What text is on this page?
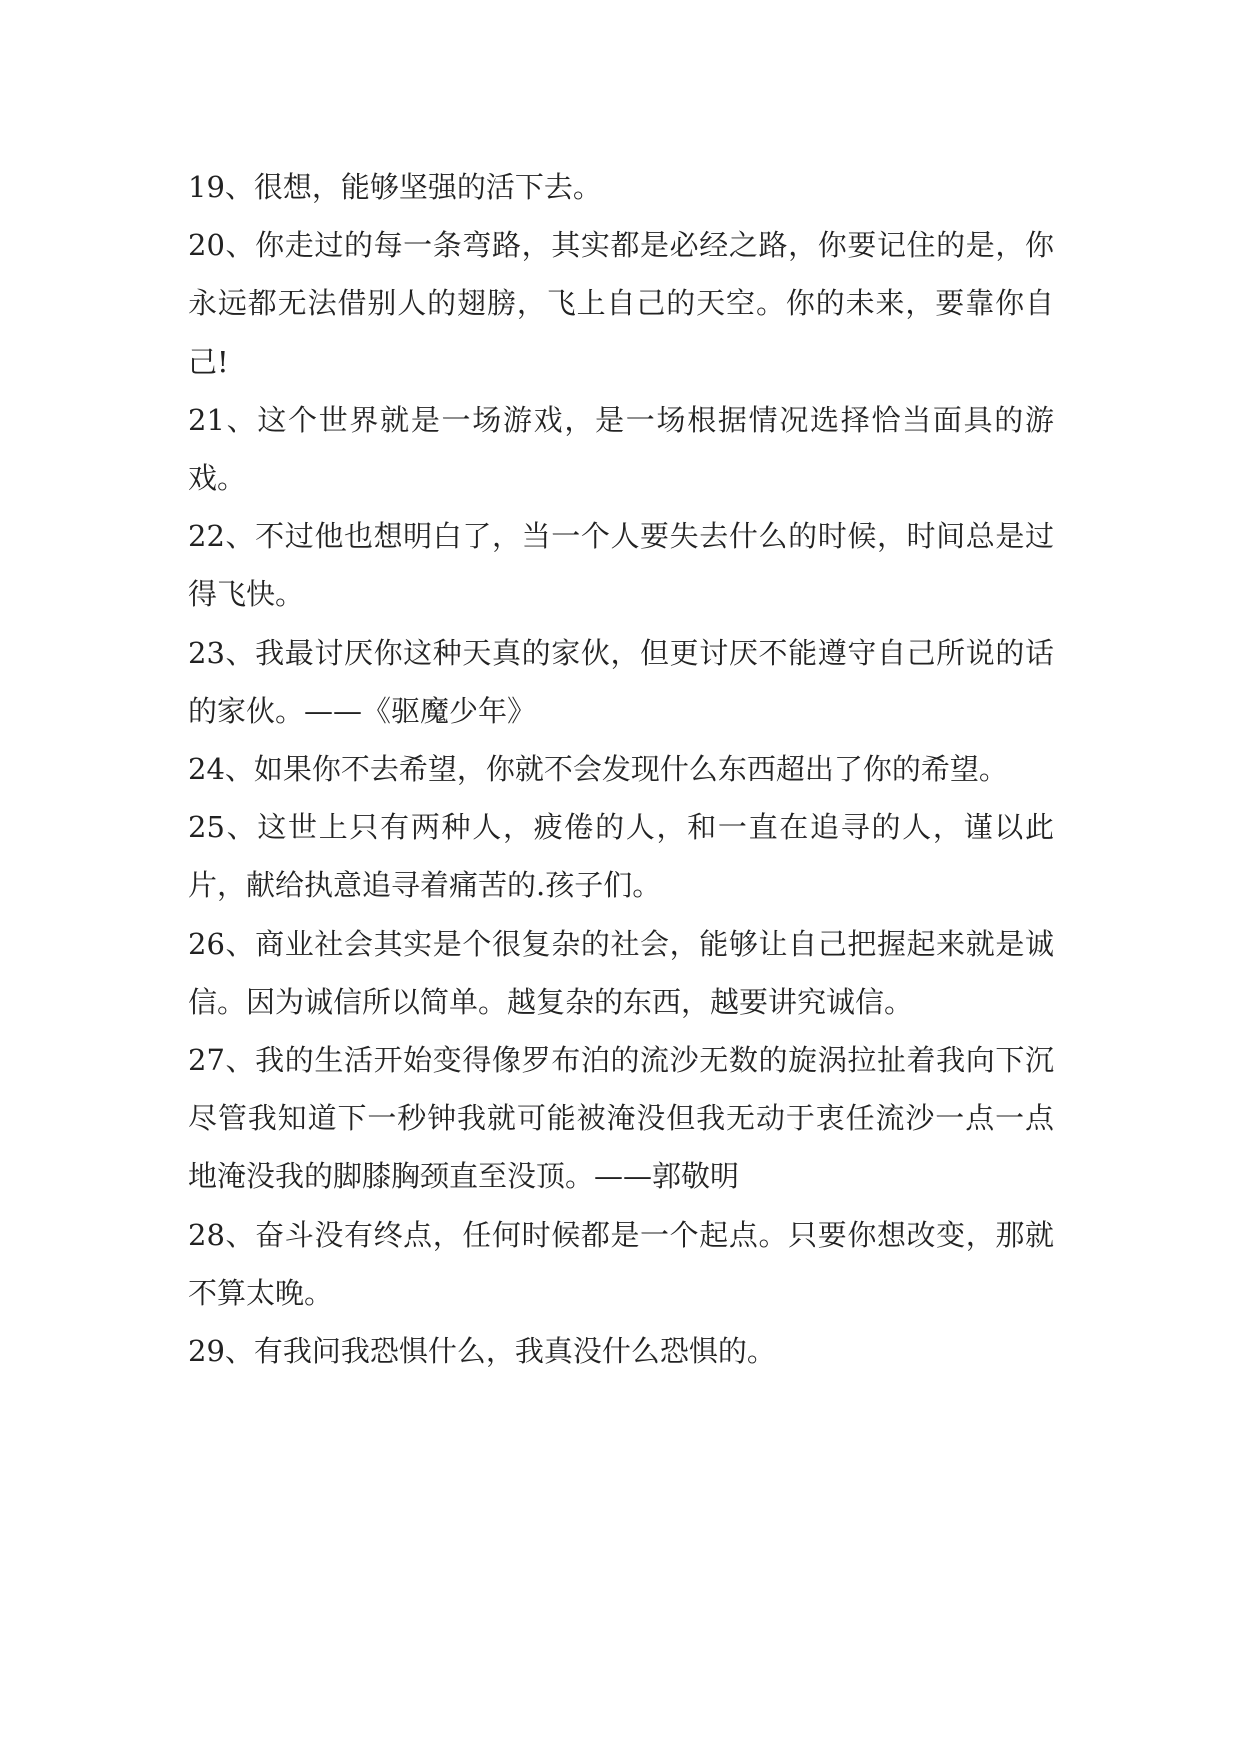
19、很想，能够坚强的活下去。

20、你走过的每一条弯路，其实都是必经之路，你要记住的是，你永远都无法借别人的翅膀，飞上自己的天空。你的未来，要靠你自己!

21、这个世界就是一场游戏，是一场根据情况选择恰当面具的游戏。

22、不过他也想明白了，当一个人要失去什么的时候，时间总是过得飞快。

23、我最讨厌你这种天真的家伙，但更讨厌不能遵守自己所说的话的家伙。——《驱魔少年》

24、如果你不去希望，你就不会发现什么东西超出了你的希望。

25、这世上只有两种人，疲倦的人，和一直在追寻的人，谨以此片，献给执意追寻着痛苦的.孩子们。

26、商业社会其实是个很复杂的社会，能够让自己把握起来就是诚信。因为诚信所以简单。越复杂的东西，越要讲究诚信。

27、我的生活开始变得像罗布泊的流沙无数的旋涡拉扯着我向下沉尽管我知道下一秒钟我就可能被淹没但我无动于衷任流沙一点一点地淹没我的脚膝胸颈直至没顶。——郭敬明

28、奋斗没有终点，任何时候都是一个起点。只要你想改变，那就不算太晚。

29、有我问我恐惧什么，我真没什么恐惧的。
